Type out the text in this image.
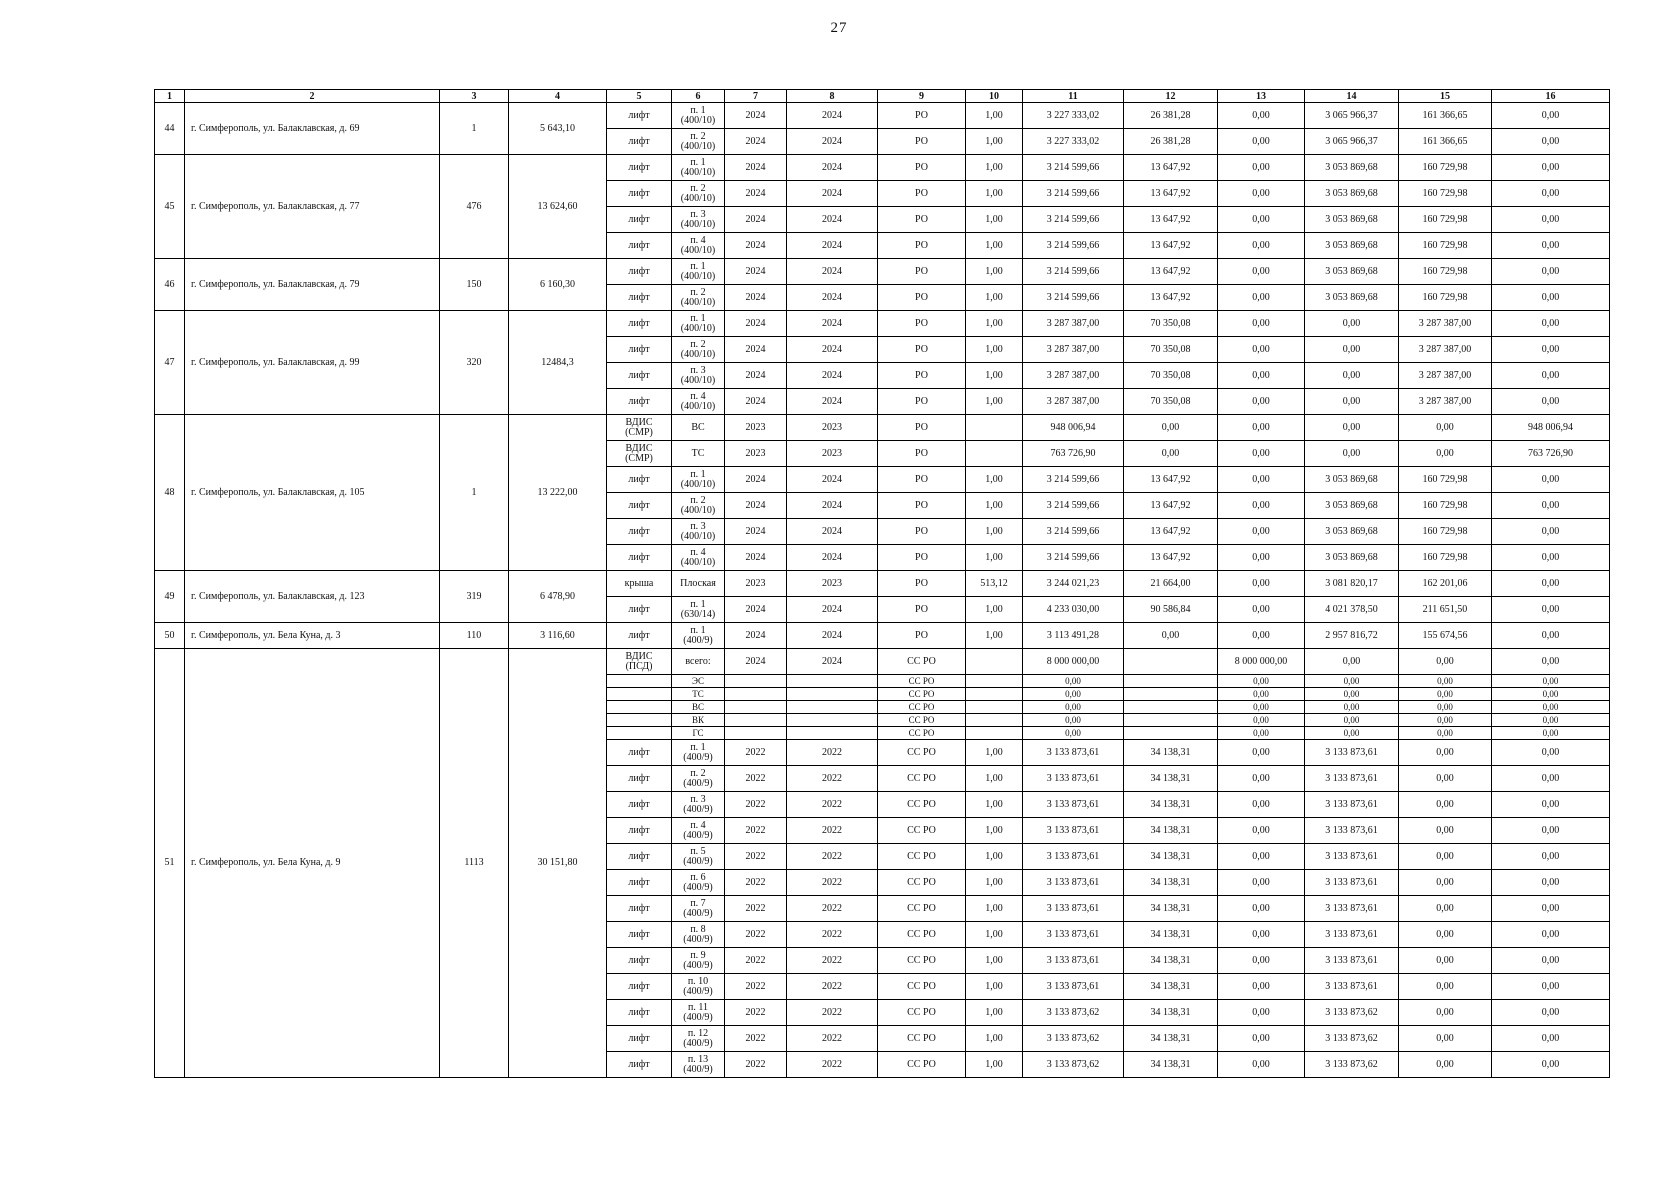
27
1	2	3	4	5	6	7	8	9	10	11	12	13	14	15	16
44	г. Симферополь, ул. Балаклавская, д. 69	1	5 643,10	лифт	п. 1
(400/10)	2024	2024	РО	1,00	3 227 333,02	26 381,28	0,00	3 065 966,37	161 366,65	0,00
				лифт	п. 2
(400/10)	2024	2024	РО	1,00	3 227 333,02	26 381,28	0,00	3 065 966,37	161 366,65	0,00
45	г. Симферополь, ул. Балаклавская, д. 77	476	13 624,60	лифт	п. 1
(400/10)	2024	2024	РО	1,00	3 214 599,66	13 647,92	0,00	3 053 869,68	160 729,98	0,00
				лифт	п. 2
(400/10)	2024	2024	РО	1,00	3 214 599,66	13 647,92	0,00	3 053 869,68	160 729,98	0,00
				лифт	п. 3
(400/10)	2024	2024	РО	1,00	3 214 599,66	13 647,92	0,00	3 053 869,68	160 729,98	0,00
				лифт	п. 4
(400/10)	2024	2024	РО	1,00	3 214 599,66	13 647,92	0,00	3 053 869,68	160 729,98	0,00
46	г. Симферополь, ул. Балаклавская, д. 79	150	6 160,30	лифт	п. 1
(400/10)	2024	2024	РО	1,00	3 214 599,66	13 647,92	0,00	3 053 869,68	160 729,98	0,00
				лифт	п. 2
(400/10)	2024	2024	РО	1,00	3 214 599,66	13 647,92	0,00	3 053 869,68	160 729,98	0,00
47	г. Симферополь, ул. Балаклавская, д. 99	320	12484,3	лифт	п. 1
(400/10)	2024	2024	РО	1,00	3 287 387,00	70 350,08	0,00	0,00	3 287 387,00	0,00
				лифт	п. 2
(400/10)	2024	2024	РО	1,00	3 287 387,00	70 350,08	0,00	0,00	3 287 387,00	0,00
				лифт	п. 3
(400/10)	2024	2024	РО	1,00	3 287 387,00	70 350,08	0,00	0,00	3 287 387,00	0,00
				лифт	п. 4
(400/10)	2024	2024	РО	1,00	3 287 387,00	70 350,08	0,00	0,00	3 287 387,00	0,00
48	г. Симферополь, ул. Балаклавская, д. 105	1	13 222,00	ВДИС
(СМР)	ВС	2023	2023	РО		948 006,94	0,00	0,00	0,00	0,00	948 006,94

				ВДИС
(СМР)	ТС	2023	2023	РО		763 726,90	0,00	0,00	0,00	0,00	763 726,90
				лифт	п. 1
(400/10)	2024	2024	РО	1,00	3 214 599,66	13 647,92	0,00	3 053 869,68	160 729,98	0,00
				лифт	п. 2
(400/10)	2024	2024	РО	1,00	3 214 599,66	13 647,92	0,00	3 053 869,68	160 729,98	0,00
				лифт	п. 3
(400/10)	2024	2024	РО	1,00	3 214 599,66	13 647,92	0,00	3 053 869,68	160 729,98	0,00
				лифт	п. 4
(400/10)	2024	2024	РО	1,00	3 214 599,66	13 647,92	0,00	3 053 869,68	160 729,98	0,00
49	г. Симферополь, ул. Балаклавская, д. 123	319	6 478,90	крыша	Плоская	2023	2023	РО	513,12	3 244 021,23	21 664,00	0,00	3 081 820,17	162 201,06	0,00
				лифт	п. 1
(630/14)	2024	2024	РО	1,00	4 233 030,00	90 586,84	0,00	4 021 378,50	211 651,50	0,00
50	г. Симферополь, ул. Бела Куна, д. 3	110	3 116,60	лифт	п. 1
(400/9)	2024	2024	РО	1,00	3 113 491,28	0,00	0,00	2 957 816,72	155 674,56	0,00
51	г. Симферополь, ул. Бела Куна, д. 9	1113	30 151,80	ВДИС
(ПСД)	всего:	2024	2024	СС РО		8 000 000,00		8 000 000,00	0,00	0,00	0,00
					ЭС			СС РО		0,00		0,00	0,00	0,00	0,00
					ТС			СС РО		0,00		0,00	0,00	0,00	0,00
					ВС			СС РО		0,00		0,00	0,00	0,00	0,00
					ВК			СС РО		0,00		0,00	0,00	0,00	0,00
					ГС			СС РО		0,00		0,00	0,00	0,00	0,00
				лифт	п. 1
(400/9)	2022	2022	СС РО	1,00	3 133 873,61	34 138,31	0,00	3 133 873,61	0,00	0,00
				лифт	п. 2
(400/9)	2022	2022	СС РО	1,00	3 133 873,61	34 138,31	0,00	3 133 873,61	0,00	0,00
				лифт	п. 3
(400/9)	2022	2022	СС РО	1,00	3 133 873,61	34 138,31	0,00	3 133 873,61	0,00	0,00
				лифт	п. 4
(400/9)	2022	2022	СС РО	1,00	3 133 873,61	34 138,31	0,00	3 133 873,61	0,00	0,00
				лифт	п. 5
(400/9)	2022	2022	СС РО	1,00	3 133 873,61	34 138,31	0,00	3 133 873,61	0,00	0,00
				лифт	п. 6
(400/9)	2022	2022	СС РО	1,00	3 133 873,61	34 138,31	0,00	3 133 873,61	0,00	0,00
				лифт	п. 7
(400/9)	2022	2022	СС РО	1,00	3 133 873,61	34 138,31	0,00	3 133 873,61	0,00	0,00
				лифт	п. 8
(400/9)	2022	2022	СС РО	1,00	3 133 873,61	34 138,31	0,00	3 133 873,61	0,00	0,00
				лифт	п. 9
(400/9)	2022	2022	СС РО	1,00	3 133 873,61	34 138,31	0,00	3 133 873,61	0,00	0,00
				лифт	п. 10
(400/9)	2022	2022	СС РО	1,00	3 133 873,61	34 138,31	0,00	3 133 873,61	0,00	0,00
				лифт	п. 11
(400/9)	2022	2022	СС РО	1,00	3 133 873,62	34 138,31	0,00	3 133 873,62	0,00	0,00
				лифт	п. 12
(400/9)	2022	2022	СС РО	1,00	3 133 873,62	34 138,31	0,00	3 133 873,62	0,00	0,00
				лифт	п. 13
(400/9)	2022	2022	СС РО	1,00	3 133 873,62	34 138,31	0,00	3 133 873,62	0,00	0,00
